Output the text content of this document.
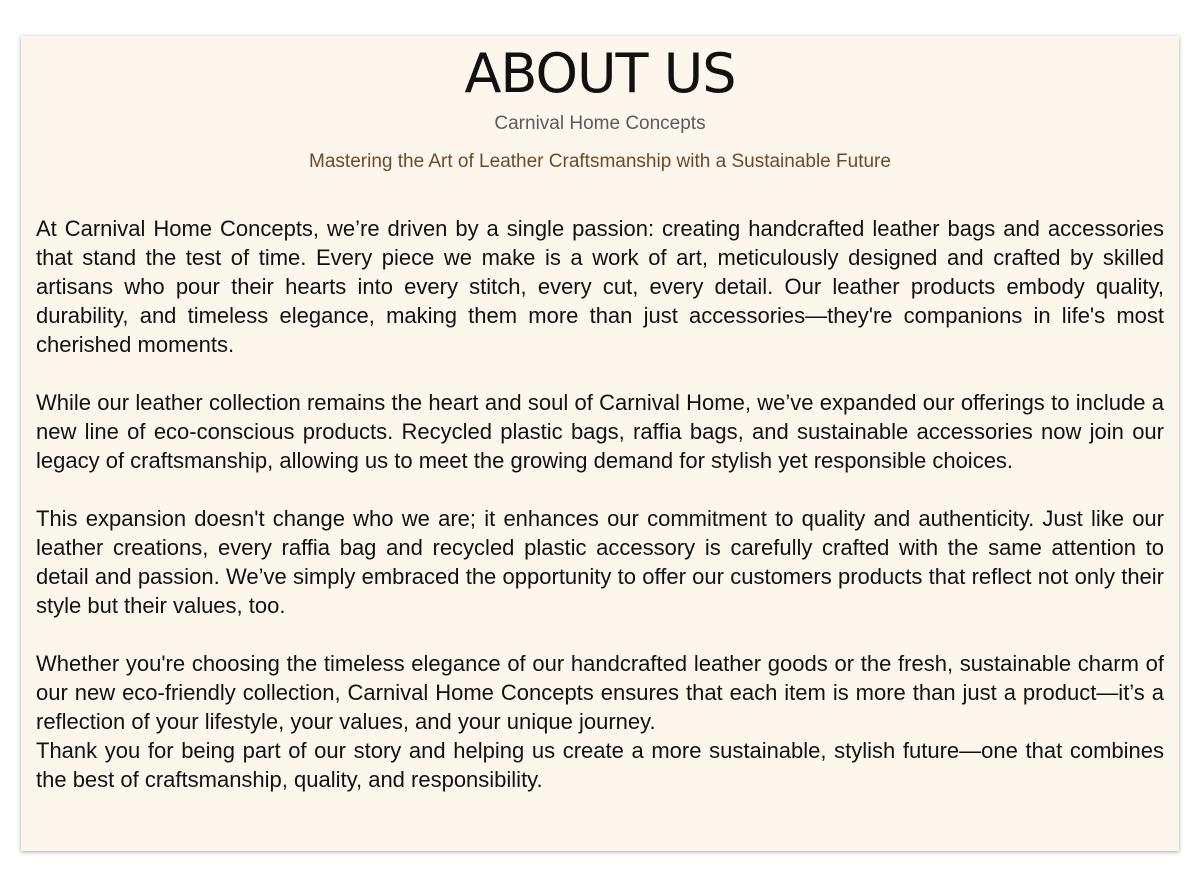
ABOUT US
Carnival Home Concepts
Mastering the Art of Leather Craftsmanship with a Sustainable Future

At Carnival Home Concepts, we’re driven by a single passion: creating handcrafted leather bags and accessories that stand the test of time. Every piece we make is a work of art, meticulously designed and crafted by skilled artisans who pour their hearts into every stitch, every cut, every detail. Our leather products embody quality, durability, and timeless elegance, making them more than just accessories—they're companions in life's most cherished moments.

While our leather collection remains the heart and soul of Carnival Home, we’ve expanded our offerings to include a new line of eco-conscious products. Recycled plastic bags, raffia bags, and sustainable accessories now join our legacy of craftsmanship, allowing us to meet the growing demand for stylish yet responsible choices.

This expansion doesn't change who we are; it enhances our commitment to quality and authenticity. Just like our leather creations, every raffia bag and recycled plastic accessory is carefully crafted with the same attention to detail and passion. We’ve simply embraced the opportunity to offer our customers products that reflect not only their style but their values, too.

Whether you're choosing the timeless elegance of our handcrafted leather goods or the fresh, sustainable charm of our new eco-friendly collection, Carnival Home Concepts ensures that each item is more than just a product—it’s a reflection of your lifestyle, your values, and your unique journey.
Thank you for being part of our story and helping us create a more sustainable, stylish future—one that combines the best of craftsmanship, quality, and responsibility.
